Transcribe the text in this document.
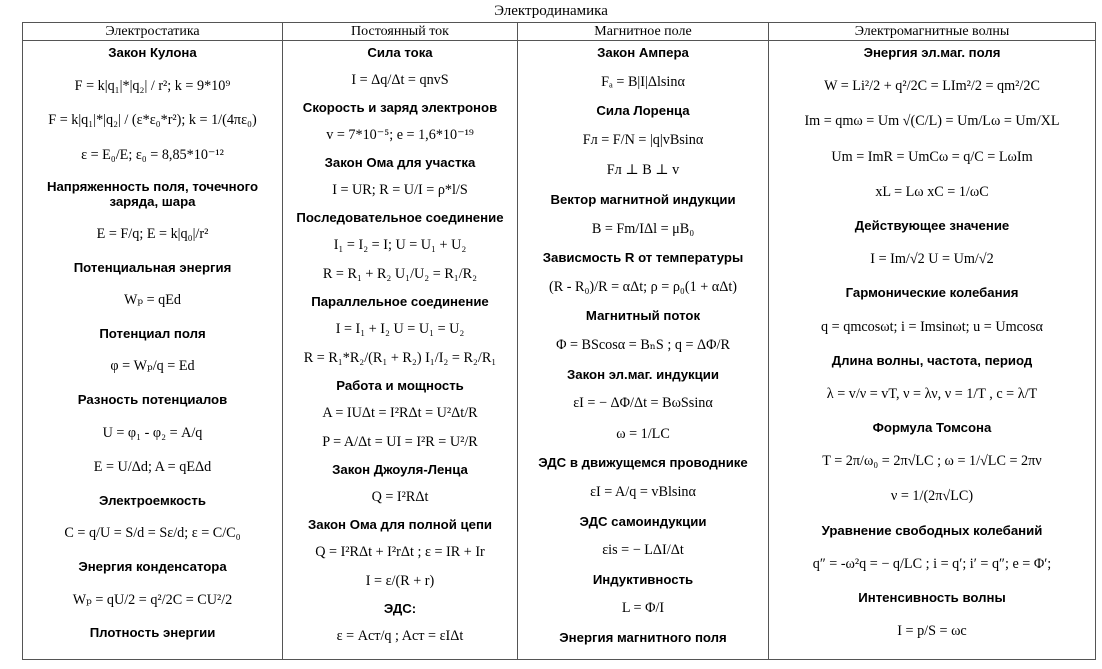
Электродинамика
Электростатика
Закон Кулона
F = k|q₁|*|q₂| / r²; k = 9*10⁹
F = k|q₁|*|q₂| / (ε*ε₀*r²); k = 1/(4πε₀)
ε = E₀/E; ε₀ = 8,85*10⁻¹²
Напряженность поля, точечного заряда, шара
E = F/q; E = k|q₀|/r²
Потенциальная энергия
Wₚ = qEd
Потенциал поля
φ = Wₚ/q = Ed
Разность потенциалов
U = φ₁ - φ₂ = A/q
E = U/Δd; A = qEΔd
Электроемкость
C = q/U = S/d = Sε/d; ε = C/C₀
Энергия конденсатора
Wₚ = qU/2 = q²/2C = CU²/2
Плотность энергии
Постоянный ток
Сила тока
I = Δq/Δt = qnvS
Скорость и заряд электронов
v = 7*10⁻⁵; e = 1,6*10⁻¹⁹
Закон Ома для участка
I = UR; R = U/I = ρ*l/S
Последовательное соединение
I₁ = I₂ = I; U = U₁ + U₂
R = R₁ + R₂ U₁/U₂ = R₁/R₂
Параллельное соединение
I = I₁ + I₂ U = U₁ = U₂
R = R₁*R₂/(R₁ + R₂) I₁/I₂ = R₂/R₁
Работа и мощность
A = IUΔt = I²RΔt = U²Δt/R
P = A/Δt = UI = I²R = U²/R
Закон Джоуля-Ленца
Q = I²RΔt
Закон Ома для полной цепи
Q = I²RΔt + I²rΔt ; ε = IR + Ir
I = ε/(R + r)
ЭДС:
ε = Aст/q ; Aст = εIΔt
Магнитное поле
Закон Ампера
Fₐ = B|I|Δlsinα
Сила Лоренца
Fл = F/N = |q|vBsinα
Fл ⊥ B ⊥ v
Вектор магнитной индукции
B = Fm/IΔl = μB₀
Зависмость R от температуры
(R - R₀)/R = αΔt; ρ = ρ₀(1 + αΔt)
Магнитный поток
Φ = BScosα = BₙS ; q = ΔΦ/R
Закон эл.маг. индукции
εI = − ΔΦ/Δt = BωSsinα
ω = 1/LC
ЭДС в движущемся проводнике
εI = A/q = vBlsinα
ЭДС самоиндукции
εis = − LΔI/Δt
Индуктивность
L = Φ/I
Энергия магнитного поля
Электромагнитные волны
Энергия эл.маг. поля
W = Li²/2 + q²/2C = LIm²/2 = qm²/2C
Im = qmω = Um √(C/L) = Um/Lω = Um/XL
Um = ImR = UmCω = q/C = LωIm
xL = Lω xC = 1/ωC
Действующее значение
I = Im/√2 U = Um/√2
Гармонические колебания
q = qmcosωt; i = Imsinωt; u = Umcosα
Длина волны, частота, период
λ = v/ν = vT, ν = λν, ν = 1/T , c = λ/T
Формула Томсона
T = 2π/ω₀ = 2π√LC ; ω = 1/√LC = 2πν
ν = 1/(2π√LC)
Уравнение свободных колебаний
q″ = -ω²q = − q/LC ; i = q′; i′ = q″; e = Φ′;
Интенсивность волны
I = p/S = ωc
